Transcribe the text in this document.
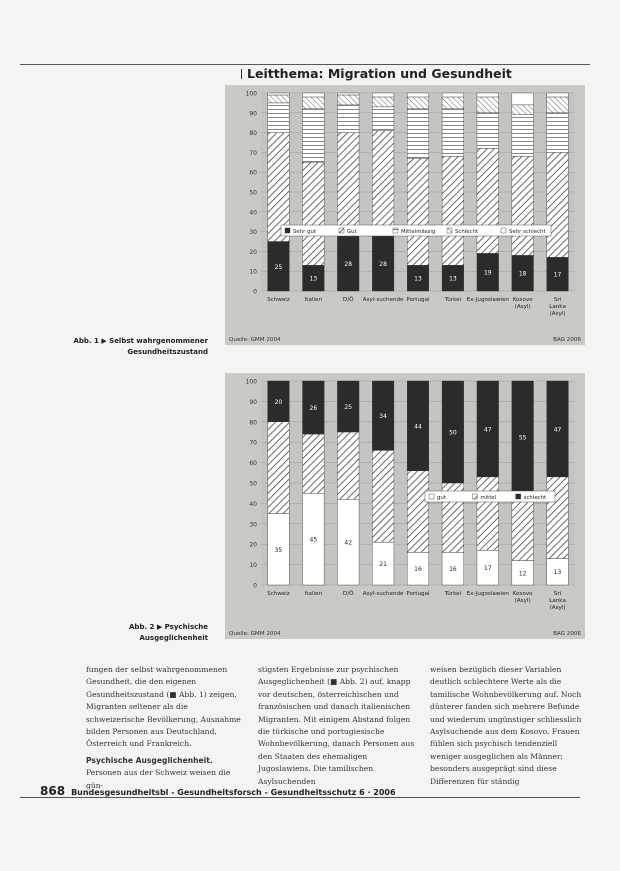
Leitthema: Migration und Gesundheit
0
10
20
30
40
50
60
70
80
90
100
25
Schweiz
13
Italien
28
D/Ö
28
Asyl-suchende
13
Portugal
13
Türkei
19
Ex-Jugoslawien
18
Kosovo
(Asyl)
17
Sri
Lanka
(Asyl)
Sehr gut	Gut	Mittelmässig	Schlecht	Sehr schlecht
Quelle: GMM 2004	BAG 2006
Abb. 1 ▶ Selbst wahrgenommener
Gesundheitszustand
0
10
20
30
40
50
60
70
80
90
100
35
20
Schweiz
45
26
Italien
42
25
D/Ö
21
34
Asyl-suchende
16
44
Portugal
16
50
Türkei
17
47
Ex-Jugoslawien
12
55
Kosovo
(Asyl)
13
47
Sri
Lanka
(Asyl)
gut	mittel	schlecht
Quelle: GMM 2004	BAG 2006
Abb. 2 ▶ Psychische
Ausgeglichenheit

fungen der selbst wahrgenommenen Gesundheit, die den eigenen Gesundheitszustand (■ Abb. 1) zeigen, Migranten seltener als die schweizerische Bevölkerung, Ausnahme bilden Personen aus Deutschland, Österreich und Frankreich.

Psychische Ausgeglichenheit. Personen aus der Schweiz weisen die gün-

stigsten Ergebnisse zur psychischen Ausgeglichenheit (■ Abb. 2) auf, knapp vor deutschen, österreichischen und französischen und danach italienischen Migranten. Mit einigem Abstand folgen die türkische und portugiesische Wohnbevölkerung, danach Personen aus den Staaten des ehemaligen Jugoslawiens. Die tamilischen Asylsuchenden

weisen bezüglich dieser Variablen deutlich schlechtere Werte als die tamilische Wohnbevölkerung auf. Noch düsterer fanden sich mehrere Befunde und wiederum ungünstiger schliesslich Asylsuchende aus dem Kosovo. Frauen fühlen sich psychisch tendenziell weniger ausgeglichen als Männer; besonders ausgeprägt sind diese Differenzen für ständig

868 Bundesgesundheitsbl - Gesundheitsforsch - Gesundheitsschutz 6 · 2006
